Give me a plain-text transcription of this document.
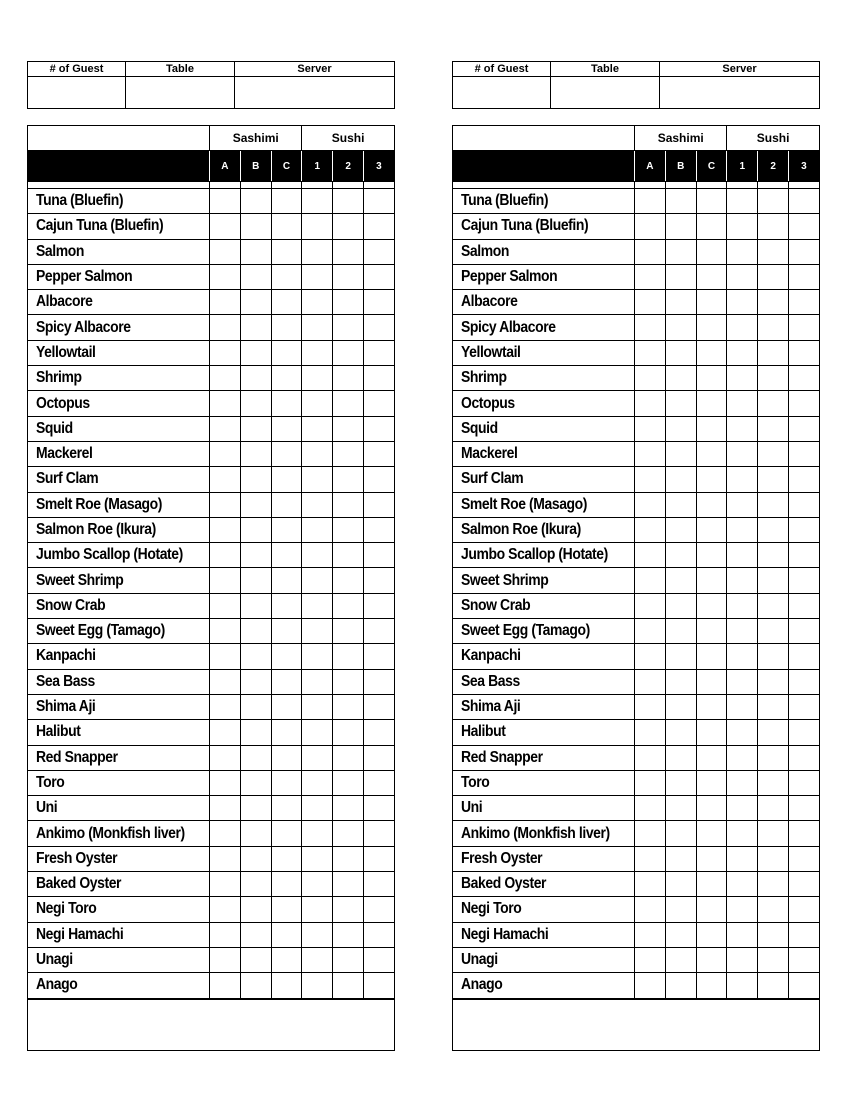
# of Guest	Table	Server

	Sashimi			Sushi		
	A	B	C	1	2	3

Tuna (Bluefin)						
Cajun Tuna (Bluefin)						
Salmon						
Pepper Salmon						
Albacore						
Spicy Albacore						
Yellowtail						
Shrimp						
Octopus						
Squid						
Mackerel						
Surf Clam						
Smelt Roe (Masago)						
Salmon Roe (Ikura)						
Jumbo Scallop (Hotate)						
Sweet Shrimp						
Snow Crab						
Sweet Egg (Tamago)						
Kanpachi						
Sea Bass						
Shima Aji						
Halibut						
Red Snapper						
Toro						
Uni						
Ankimo (Monkfish liver)						
Fresh Oyster						
Baked Oyster						
Negi Toro						
Negi Hamachi						
Unagi						
Anago						

# of Guest	Table	Server

	Sashimi			Sushi		
	A	B	C	1	2	3

Tuna (Bluefin)						
Cajun Tuna (Bluefin)						
Salmon						
Pepper Salmon						
Albacore						
Spicy Albacore						
Yellowtail						
Shrimp						
Octopus						
Squid						
Mackerel						
Surf Clam						
Smelt Roe (Masago)						
Salmon Roe (Ikura)						
Jumbo Scallop (Hotate)						
Sweet Shrimp						
Snow Crab						
Sweet Egg (Tamago)						
Kanpachi						
Sea Bass						
Shima Aji						
Halibut						
Red Snapper						
Toro						
Uni						
Ankimo (Monkfish liver)						
Fresh Oyster						
Baked Oyster						
Negi Toro						
Negi Hamachi						
Unagi						
Anago						
